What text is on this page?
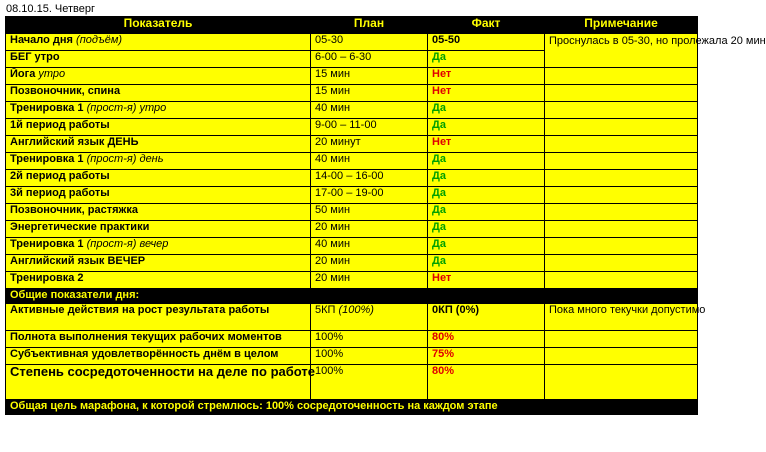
08.10.15. Четверг
Показатель	План	Факт	Примечание
Начало дня (подъём)	05-30	05-50	Проснулась в 05-30, но пролежала 20 мин
БЕГ утро	6-00 – 6-30	Да	
Йога утро	15 мин	Нет	
Позвоночник, спина	15 мин	Нет	
Тренировка 1 (прост-я) утро	40 мин	Да	
1й период работы	9-00 – 11-00	Да	
Английский язык ДЕНЬ	20 минут	Нет	
Тренировка 1 (прост-я) день	40 мин	Да	
2й период работы	14-00 – 16-00	Да	
3й период работы	17-00 – 19-00	Да	
Позвоночник, растяжка	50 мин	Да	
Энергетические практики	20 мин	Да	
Тренировка 1 (прост-я) вечер	40 мин	Да	
Английский язык ВЕЧЕР	20 мин	Да	
Тренировка 2	20 мин	Нет	
Общие показатели дня:			
Активные действия на рост результата работы	5КП (100%)	0КП (0%)	Пока много текучки допустимо
Полнота выполнения текущих рабочих моментов	100%	80%	
Субъективная удовлетворённость днём в целом	100%	75%	
Степень сосредоточенности на деле по работе	100%	80%	
Общая цель марафона, к которой стремлюсь: 100% сосредоточенность на каждом этапе			
